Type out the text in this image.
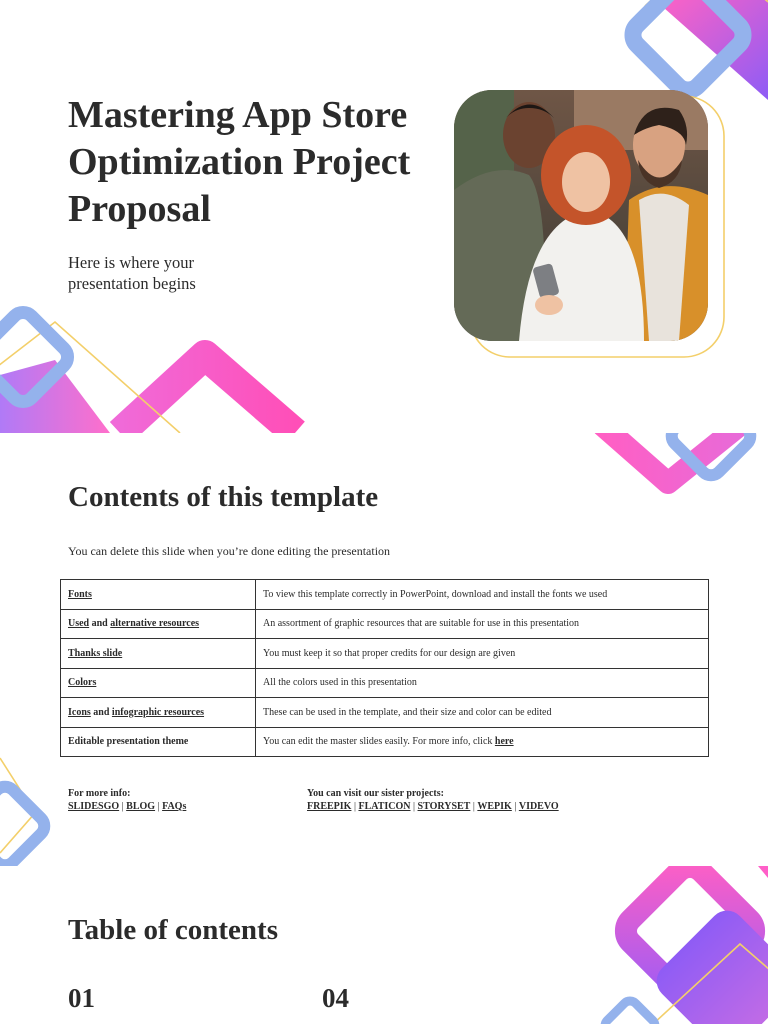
Mastering App Store Optimization Project Proposal

Here is where your presentation begins

Contents of this template

You can delete this slide when you’re done editing the presentation

Fonts	To view this template correctly in PowerPoint, download and install the fonts we used
Used and alternative resources	An assortment of graphic resources that are suitable for use in this presentation
Thanks slide	You must keep it so that proper credits for our design are given
Colors	All the colors used in this presentation
Icons and infographic resources	These can be used in the template, and their size and color can be edited
Editable presentation theme	You can edit the master slides easily. For more info, click here
For more info:
SLIDESGO | BLOG | FAQs
You can visit our sister projects:
FREEPIK | FLATICON | STORYSET | WEPIK | VIDEVO
Table of contents

01	04
